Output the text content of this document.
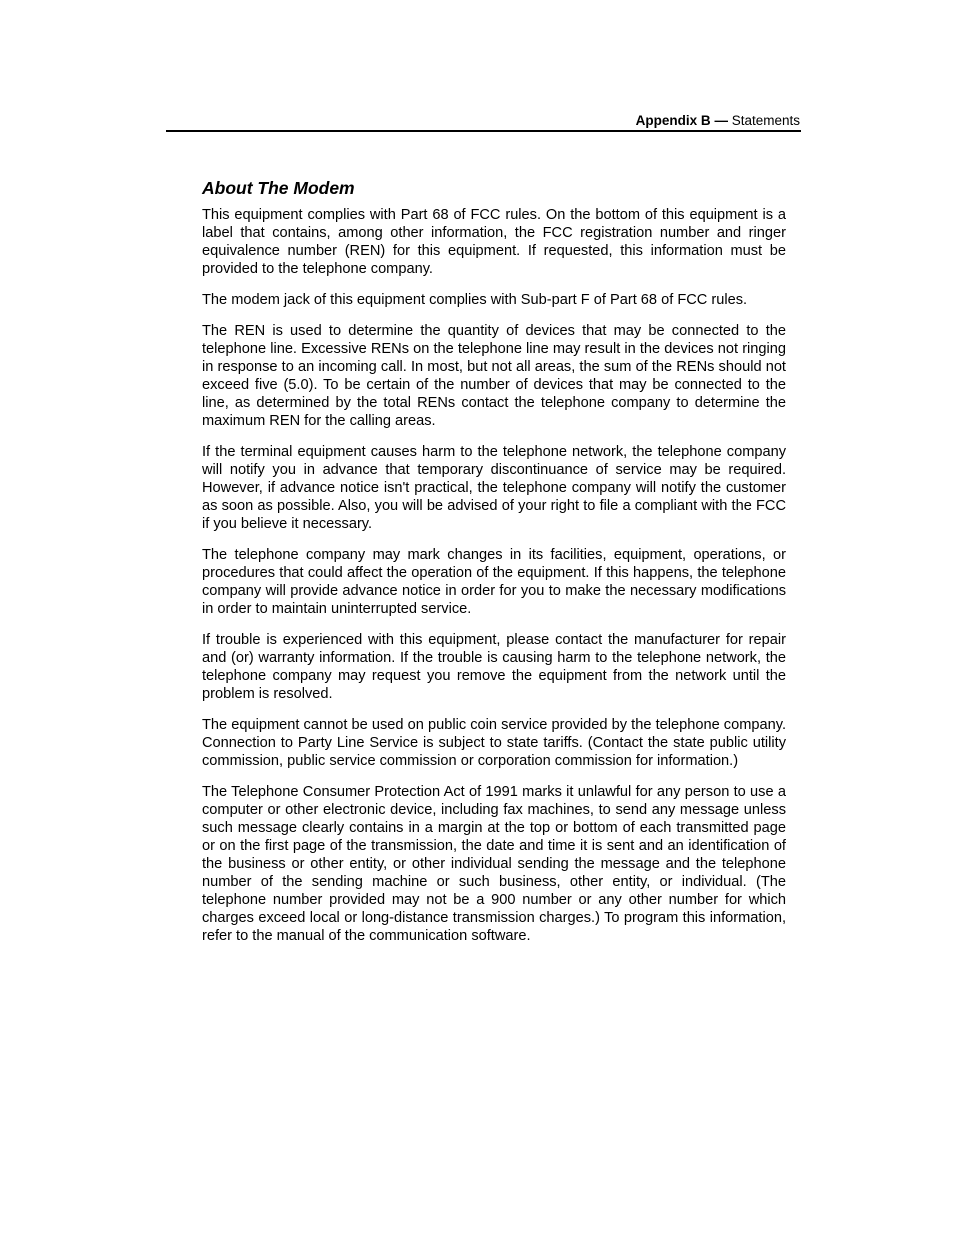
Appendix B — Statements
About The Modem

This equipment complies with Part 68 of FCC rules. On the bottom of this equipment is a label that contains, among other information, the FCC registration number and ringer equivalence number (REN) for this equipment. If requested, this information must be provided to the telephone company.

The modem jack of this equipment complies with Sub-part F of Part 68 of FCC rules.

The REN is used to determine the quantity of devices that may be connected to the telephone line. Excessive RENs on the telephone line may result in the devices not ringing in response to an incoming call. In most, but not all areas, the sum of the RENs should not exceed five (5.0). To be certain of the number of devices that may be connected to the line, as determined by the total RENs contact the telephone company to determine the maximum REN for the calling areas.

If the terminal equipment causes harm to the telephone network, the telephone company will notify you in advance that temporary discontinuance of service may be required. However, if advance notice isn't practical, the telephone company will notify the customer as soon as possible. Also, you will be advised of your right to file a compliant with the FCC if you believe it necessary.

The telephone company may mark changes in its facilities, equipment, operations, or procedures that could affect the operation of the equipment. If this happens, the telephone company will provide advance notice in order for you to make the necessary modifications in order to maintain uninterrupted service.

If trouble is experienced with this equipment, please contact the manufacturer for repair and (or) warranty information. If the trouble is causing harm to the telephone network, the telephone company may request you remove the equipment from the network until the problem is resolved.

The equipment cannot be used on public coin service provided by the telephone company. Connection to Party Line Service is subject to state tariffs. (Contact the state public utility commission, public service commission or corporation commission for information.)

The Telephone Consumer Protection Act of 1991 marks it unlawful for any person to use a computer or other electronic device, including fax machines, to send any message unless such message clearly contains in a margin at the top or bottom of each transmitted page or on the first page of the transmission, the date and time it is sent and an identification of the business or other entity, or other individual sending the message and the telephone number of the sending machine or such business, other entity, or individual. (The telephone number provided may not be a 900 number or any other number for which charges exceed local or long-distance transmission charges.) To program this information, refer to the manual of the communication software.
